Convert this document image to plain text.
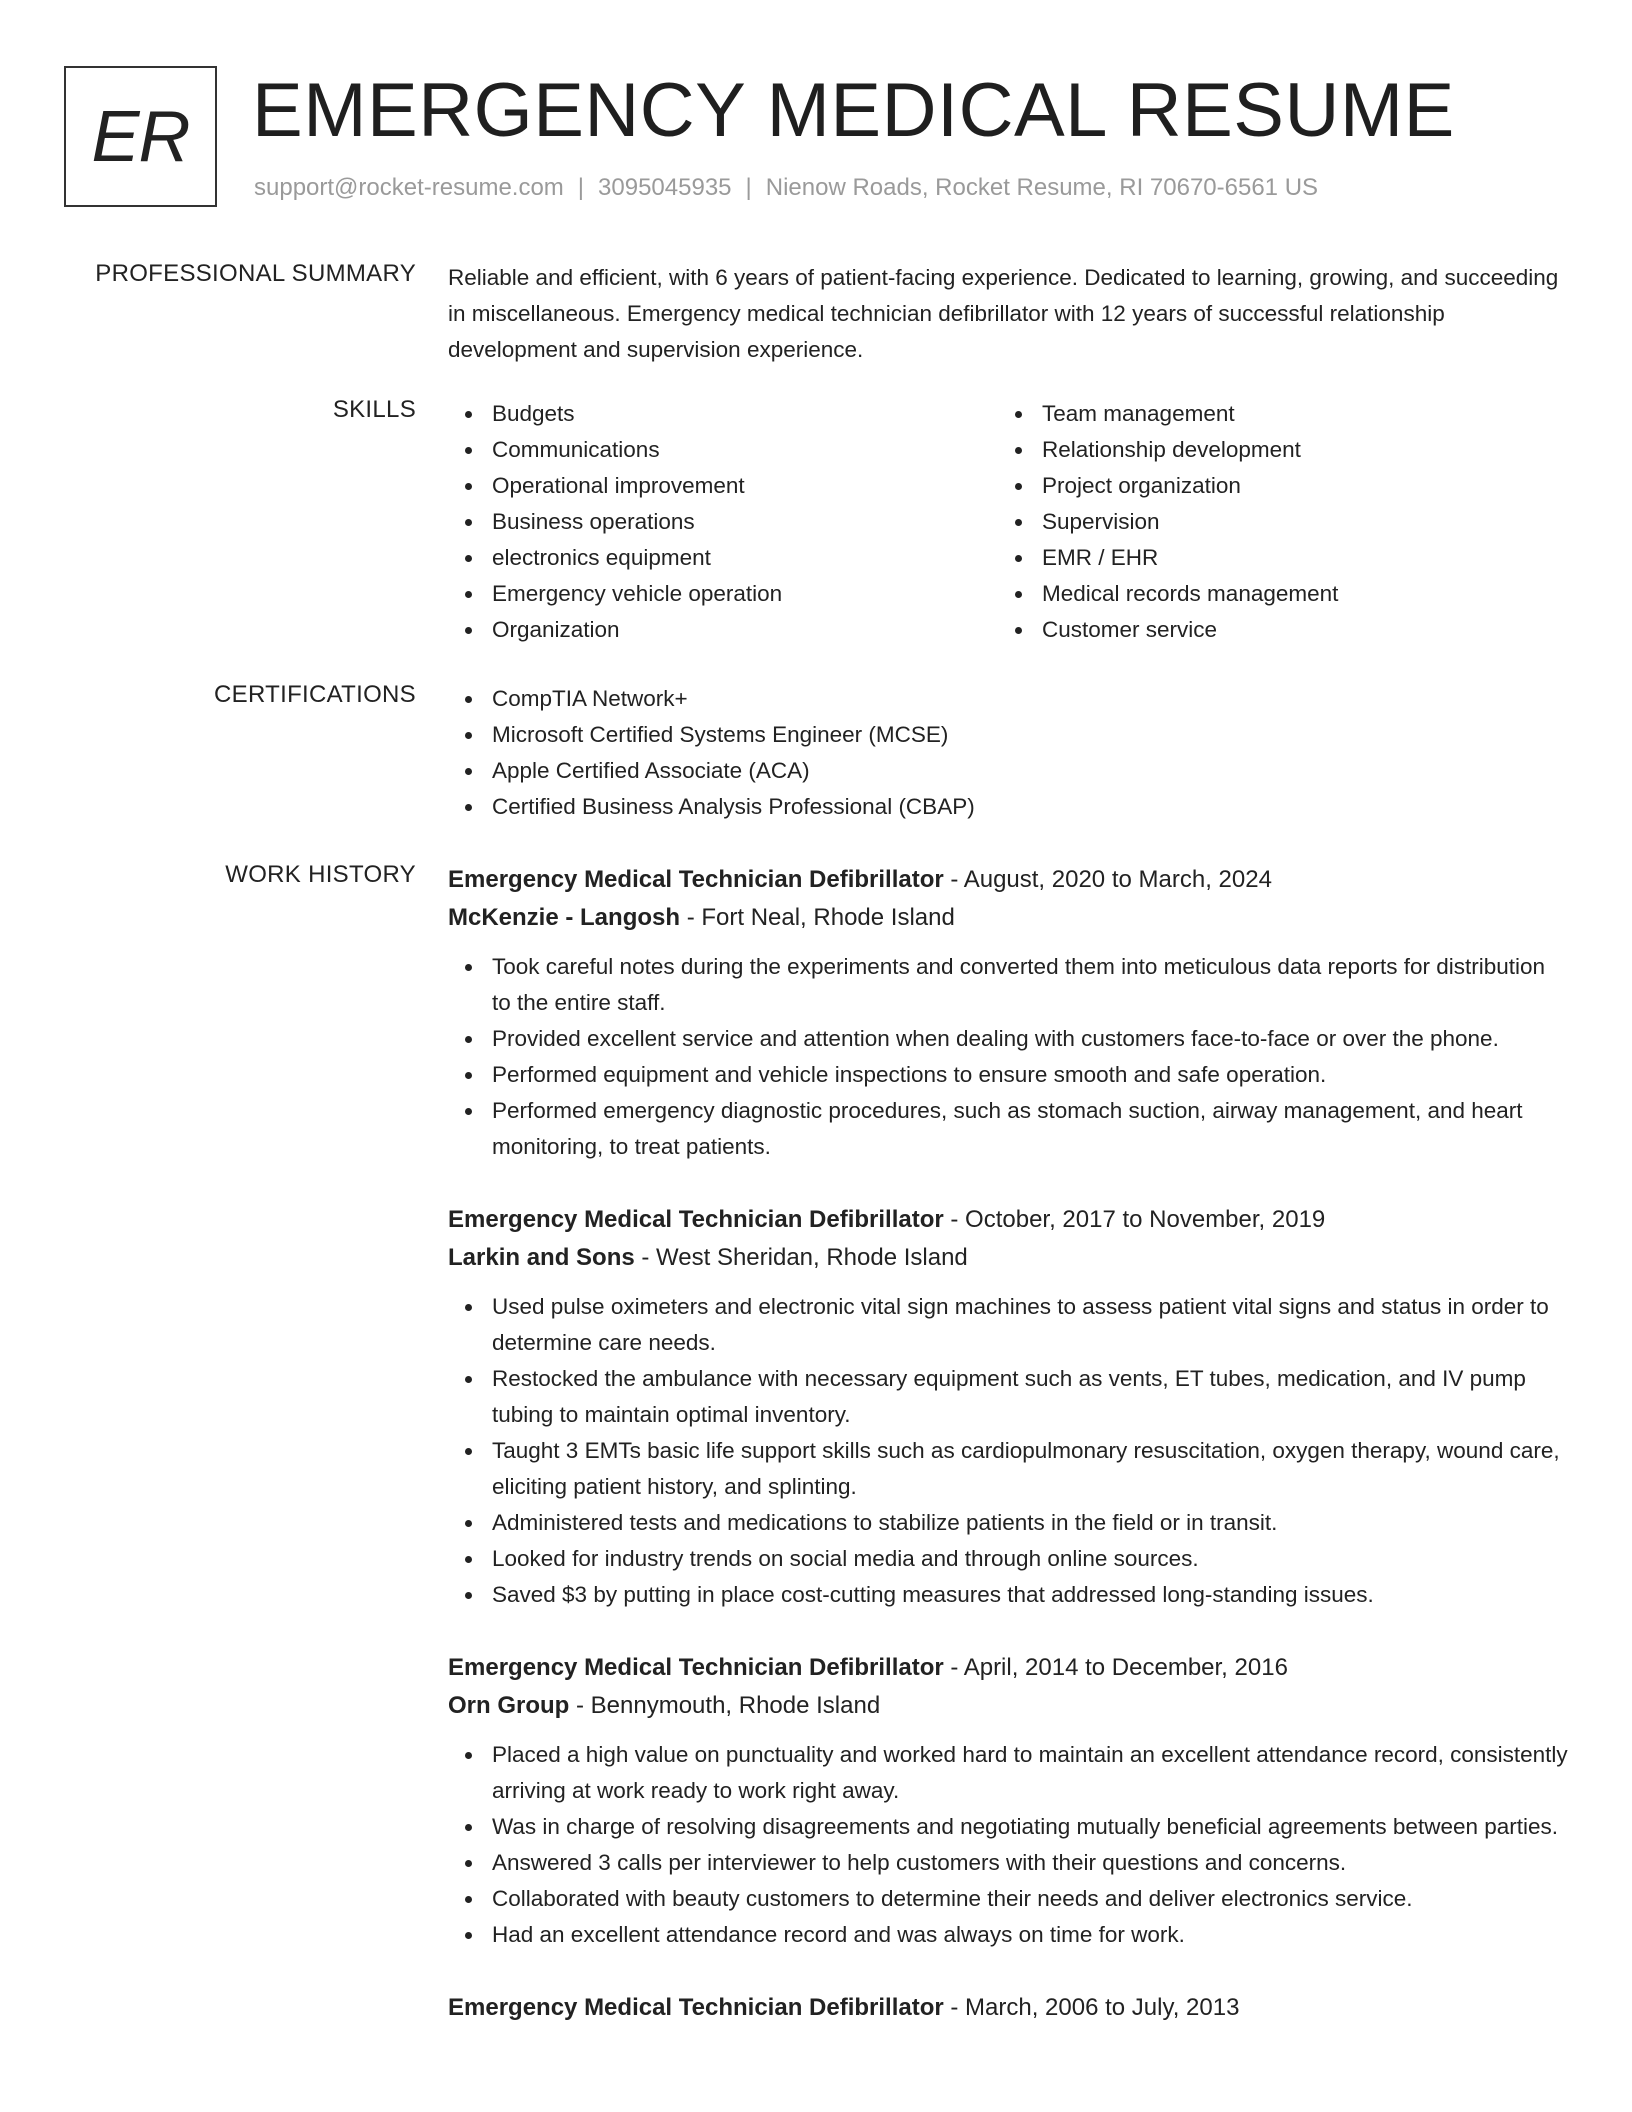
ER EMERGENCY MEDICAL RESUME
support@rocket-resume.com | 3095045935 | Nienow Roads, Rocket Resume, RI 70670-6561 US
PROFESSIONAL SUMMARY Reliable and efficient, with 6 years of patient-facing experience. Dedicated to learning, growing, and succeeding in miscellaneous. Emergency medical technician defibrillator with 12 years of successful relationship development and supervision experience.

SKILLS	Budgets
Communications
Operational improvement
Business operations
electronics equipment
Emergency vehicle operation
Organization
Team management
Relationship development
Project organization
Supervision
EMR / EHR
Medical records management
Customer service
CERTIFICATIONS	CompTIA Network+
Microsoft Certified Systems Engineer (MCSE)
Apple Certified Associate (ACA)
Certified Business Analysis Professional (CBAP)
WORK HISTORY Emergency Medical Technician Defibrillator - August, 2020 to March, 2024
McKenzie - Langosh - Fort Neal, Rhode Island
Took careful notes during the experiments and converted them into meticulous data reports for distribution to the entire staff.
Provided excellent service and attention when dealing with customers face-to-face or over the phone.
Performed equipment and vehicle inspections to ensure smooth and safe operation.
Performed emergency diagnostic procedures, such as stomach suction, airway management, and heart monitoring, to treat patients.
Emergency Medical Technician Defibrillator - October, 2017 to November, 2019
Larkin and Sons - West Sheridan, Rhode Island
Used pulse oximeters and electronic vital sign machines to assess patient vital signs and status in order to determine care needs.
Restocked the ambulance with necessary equipment such as vents, ET tubes, medication, and IV pump tubing to maintain optimal inventory.
Taught 3 EMTs basic life support skills such as cardiopulmonary resuscitation, oxygen therapy, wound care, eliciting patient history, and splinting.
Administered tests and medications to stabilize patients in the field or in transit.
Looked for industry trends on social media and through online sources.
Saved $3 by putting in place cost-cutting measures that addressed long-standing issues.
Emergency Medical Technician Defibrillator - April, 2014 to December, 2016
Orn Group - Bennymouth, Rhode Island
Placed a high value on punctuality and worked hard to maintain an excellent attendance record, consistently arriving at work ready to work right away.
Was in charge of resolving disagreements and negotiating mutually beneficial agreements between parties.
Answered 3 calls per interviewer to help customers with their questions and concerns.
Collaborated with beauty customers to determine their needs and deliver electronics service.
Had an excellent attendance record and was always on time for work.
Emergency Medical Technician Defibrillator - March, 2006 to July, 2013
